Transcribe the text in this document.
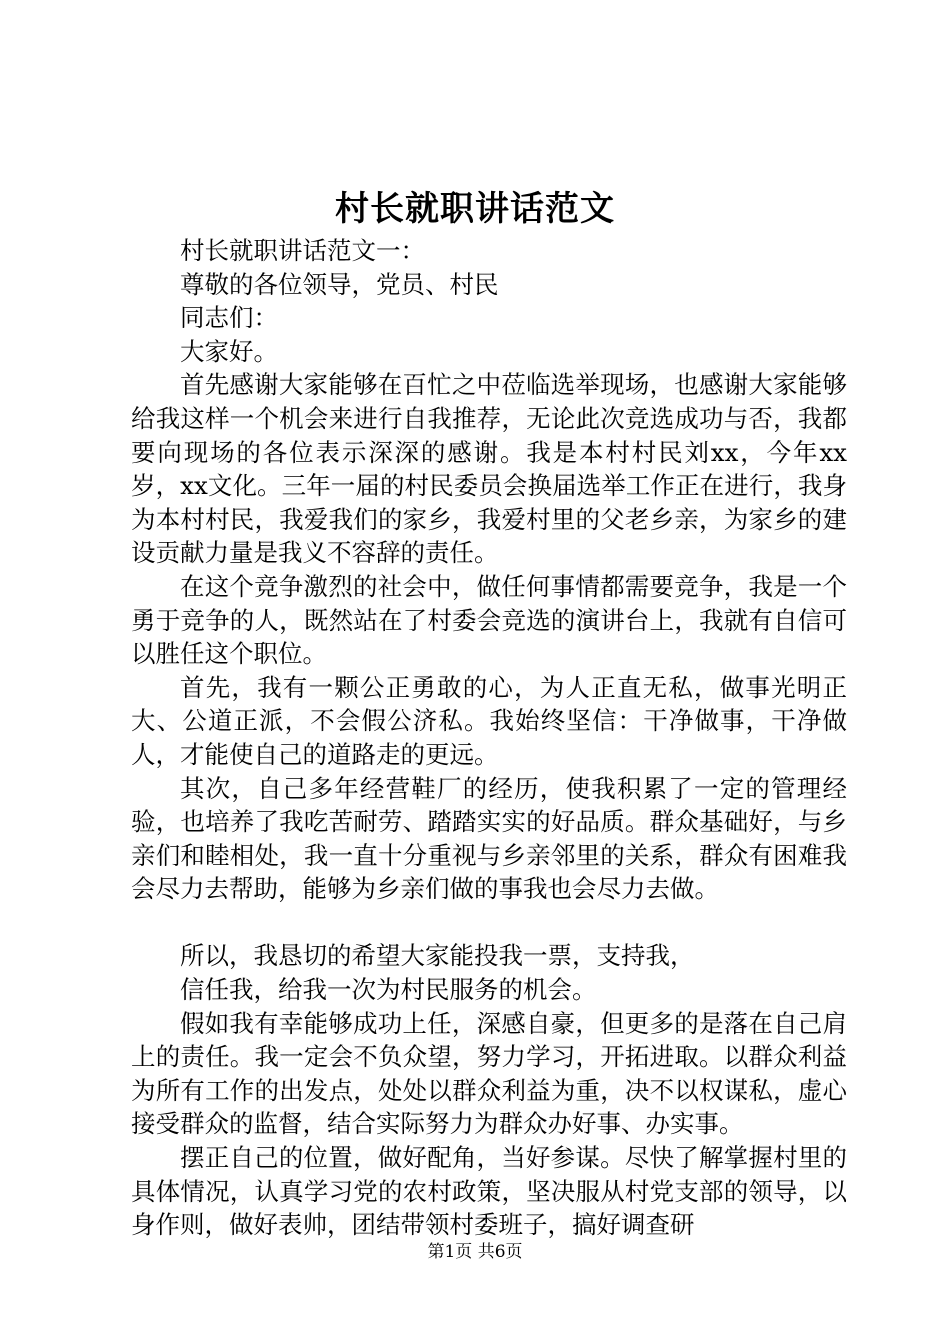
村长就职讲话范文

村长就职讲话范文一：

尊敬的各位领导，党员、村民

同志们：

大家好。

首先感谢大家能够在百忙之中莅临选举现场，也感谢大家能够给我这样一个机会来进行自我推荐，无论此次竞选成功与否，我都要向现场的各位表示深深的感谢。我是本村村民刘xx，今年xx岁，xx文化。三年一届的村民委员会换届选举工作正在进行，我身为本村村民，我爱我们的家乡，我爱村里的父老乡亲，为家乡的建设贡献力量是我义不容辞的责任。

在这个竞争激烈的社会中，做任何事情都需要竞争，我是一个勇于竞争的人，既然站在了村委会竞选的演讲台上，我就有自信可以胜任这个职位。

首先，我有一颗公正勇敢的心，为人正直无私，做事光明正大、公道正派，不会假公济私。我始终坚信：干净做事，干净做人，才能使自己的道路走的更远。

其次，自己多年经营鞋厂的经历，使我积累了一定的管理经验，也培养了我吃苦耐劳、踏踏实实的好品质。群众基础好，与乡亲们和睦相处，我一直十分重视与乡亲邻里的关系，群众有困难我会尽力去帮助，能够为乡亲们做的事我也会尽力去做。

所以，我恳切的希望大家能投我一票，支持我，

信任我，给我一次为村民服务的机会。

假如我有幸能够成功上任，深感自豪，但更多的是落在自己肩上的责任。我一定会不负众望，努力学习，开拓进取。以群众利益为所有工作的出发点，处处以群众利益为重，决不以权谋私，虚心接受群众的监督，结合实际努力为群众办好事、办实事。

摆正自己的位置，做好配角，当好参谋。尽快了解掌握村里的具体情况，认真学习党的农村政策，坚决服从村党支部的领导，以身作则，做好表帅，团结带领村委班子，搞好调查研

第1页 共6页
